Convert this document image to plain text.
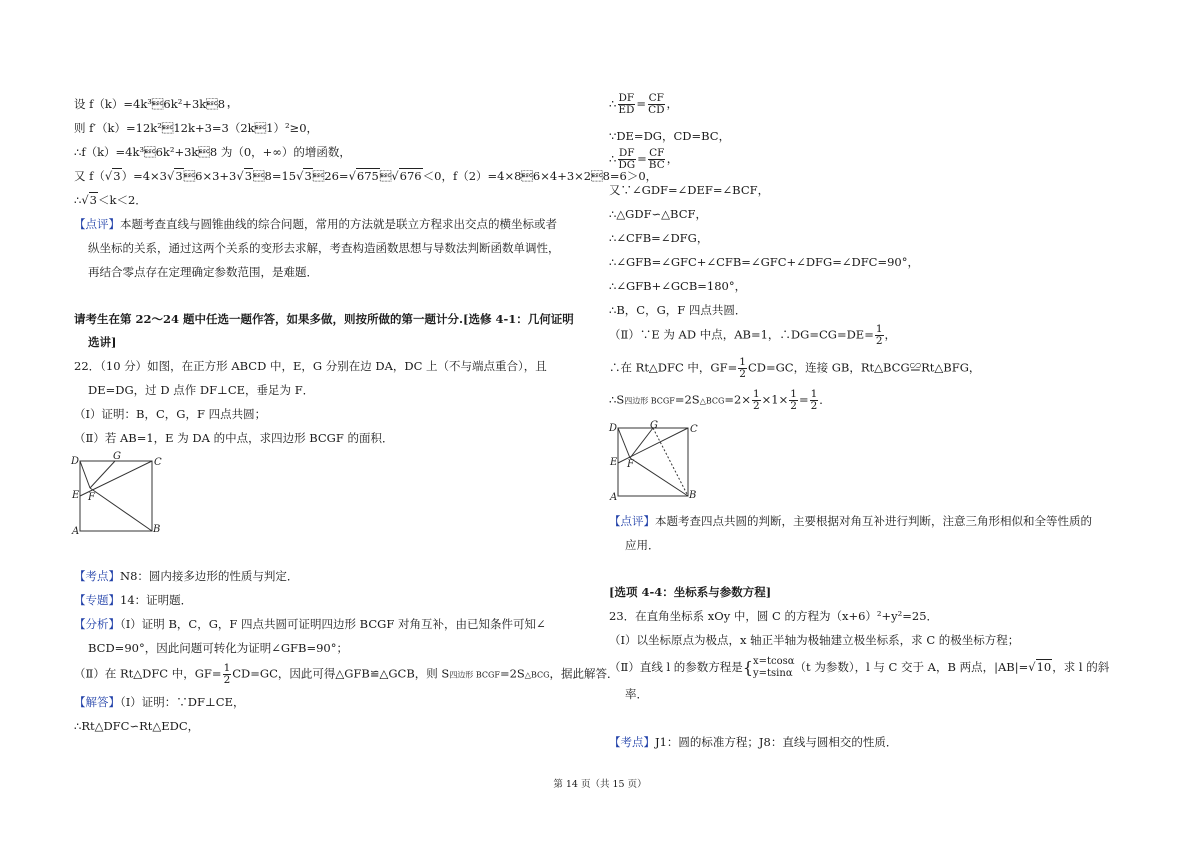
设 f（k）=4k³6k²+3k8，
则 f′（k）=12k²12k+3=3（2k1）²≥0，
∴f（k）=4k³6k²+3k8 为（0，+∞）的增函数，
又 f（√3）=4×3√36×3+3√38=15√326=√675√676＜0，f（2）=4×86×4+3×28=6＞0，
∴√3＜k＜2．
【点评】本题考查直线与圆锥曲线的综合问题，常用的方法就是联立方程求出交点的横坐标或者
纵坐标的关系，通过这两个关系的变形去求解，考查构造函数思想与导数法判断函数单调性，
再结合零点存在定理确定参数范围，是难题．
请考生在第 22～24 题中任选一题作答，如果多做，则按所做的第一题计分.[选修 4-1：几何证明
选讲]
22．（10 分）如图，在正方形 ABCD 中，E，G 分别在边 DA，DC 上（不与端点重合），且
DE=DG，过 D 点作 DF⊥CE，垂足为 F．
（Ⅰ）证明：B，C，G，F 四点共圆；
（Ⅱ）若 AB=1，E 为 DA 的中点，求四边形 BCGF 的面积．
D	G
C
E F
A	B
【考点】N8：圆内接多边形的性质与判定．
【专题】14：证明题．
【分析】（Ⅰ）证明 B，C，G，F 四点共圆可证明四边形 BCGF 对角互补，由已知条件可知∠
BCD=90°，因此问题可转化为证明∠GFB=90°；
（Ⅱ）在 Rt△DFC 中，$GF= \frac{1}{2} CD=GC$，因此可得△GFB≌△GCB，则 S四边形 BCGF=2S△BCG，据此解答．
【解答】（Ⅰ）证明：∵DF⊥CE，
∴Rt△DFC∽Rt△EDC，
∴ $\frac{DF}{ED} = \frac{CF}{CD}$ ，
∵DE=DG，CD=BC，
∴ $\frac{DF}{DG} = \frac{CF}{BC}$ ，
又∵∠GDF=∠DEF=∠BCF，
∴△GDF∽△BCF，
∴∠CFB=∠DFG，
∴∠GFB=∠GFC+∠CFB=∠GFC+∠DFG=∠DFC=90°，
∴∠GFB+∠GCB=180°，
∴B，C，G，F 四点共圆．
（Ⅱ）∵E 为 AD 中点，AB=1，∴DG=CG=DE= $\frac{1}{2}$ ，
∴在 Rt△DFC 中，$GF= \frac{1}{2} CD=GC$，连接 GB，Rt△BCG≌Rt△BFG，
∴S四边形 BCGF=2S△BCG=2× $\frac{1}{2} \times 1\times \frac{1}{2} = \frac{1}{2}$ ．
D	G	C
E F
A	B
【点评】本题考查四点共圆的判断，主要根据对角互补进行判断，注意三角形相似和全等性质的
应用．
[选项 4-4：坐标系与参数方程]
23．在直角坐标系 xOy 中，圆 C 的方程为（x+6）²+y²=25．
（Ⅰ）以坐标原点为极点，x 轴正半轴为极轴建立极坐标系，求 C 的极坐标方程；
（Ⅱ）直线 l 的参数方程是{ x=tcosα
y=tsinα （t 为参数），l 与 C 交于 A，B 两点，|AB|=√10，求 l 的斜
率．
【考点】J1：圆的标准方程；J8：直线与圆相交的性质．
第 14 页（共 15 页）
